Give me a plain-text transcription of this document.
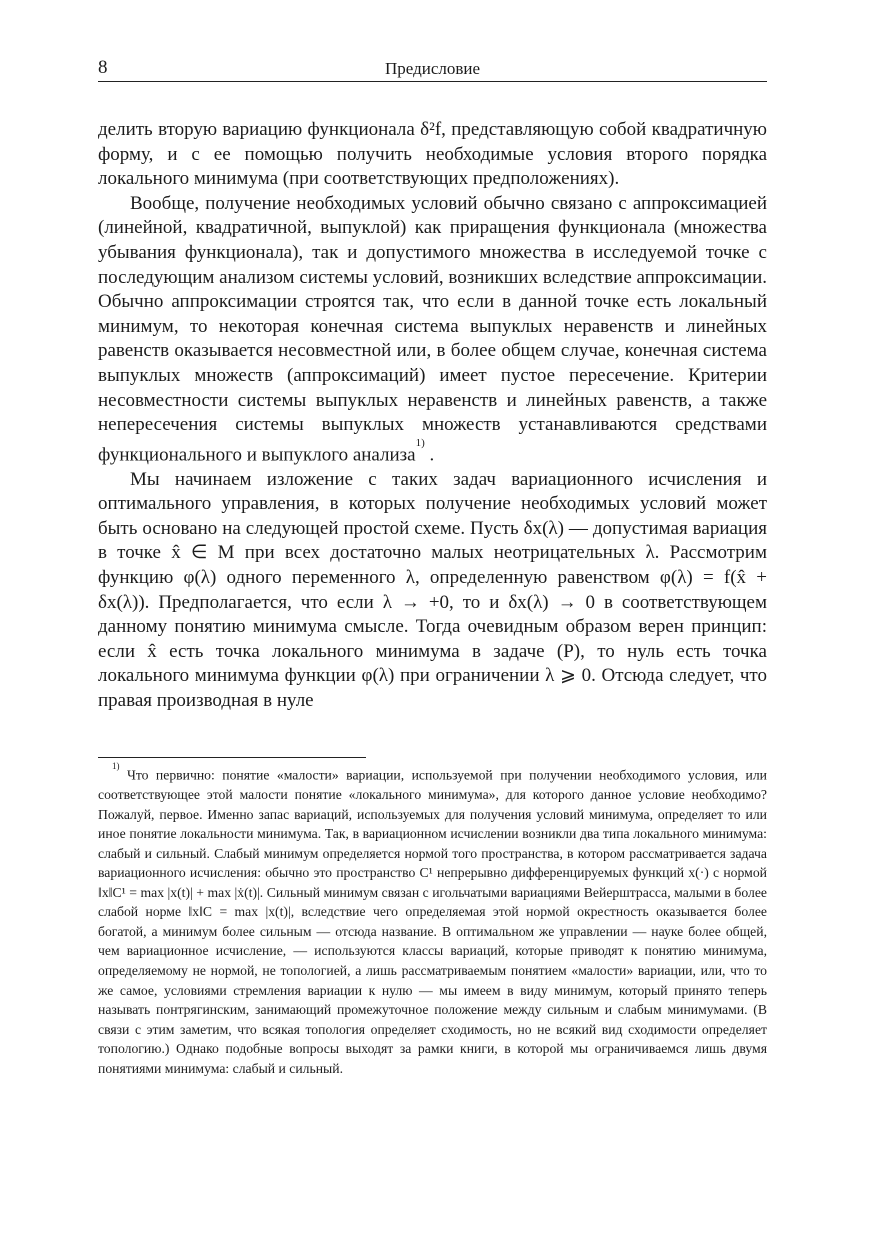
8	Предисловие

делить вторую вариацию функционала δ²f, представляющую собой квадратичную форму, и с ее помощью получить необходимые условия второго порядка локального минимума (при соответствующих предположениях).

Вообще, получение необходимых условий обычно связано с аппроксимацией (линейной, квадратичной, выпуклой) как приращения функционала (множества убывания функционала), так и допустимого множества в исследуемой точке с последующим анализом системы условий, возникших вследствие аппроксимации. Обычно аппроксимации строятся так, что если в данной точке есть локальный минимум, то некоторая конечная система выпуклых неравенств и линейных равенств оказывается несовместной или, в более общем случае, конечная система выпуклых множеств (аппроксимаций) имеет пустое пересечение. Критерии несовместности системы выпуклых неравенств и линейных равенств, а также непересечения системы выпуклых множеств устанавливаются средствами функционального и выпуклого анализа$^{1)}$ .

Мы начинаем изложение с таких задач вариационного исчисления и оптимального управления, в которых получение необходимых условий может быть основано на следующей простой схеме. Пусть δx(λ) — допустимая вариация в точке x̂ ∈ M при всех достаточно малых неотрицательных λ. Рассмотрим функцию φ(λ) одного переменного λ, определенную равенством φ(λ) = f(x̂ + δx(λ)). Предполагается, что если λ → +0, то и δx(λ) → 0 в соответствующем данному понятию минимума смысле. Тогда очевидным образом верен принцип: если x̂ есть точка локального минимума в задаче (P), то нуль есть точка локального минимума функции φ(λ) при ограничении λ ⩾ 0. Отсюда следует, что правая производная в нуле

$^{1)}$ Что первично: понятие «малости» вариации, используемой при получении необходимого условия, или соответствующее этой малости понятие «локального минимума», для которого данное условие необходимо? Пожалуй, первое. Именно запас вариаций, используемых для получения условий минимума, определяет то или иное понятие локальности минимума. Так, в вариационном исчислении возникли два типа локального минимума: слабый и сильный. Слабый минимум определяется нормой того пространства, в котором рассматривается задача вариационного исчисления: обычно это пространство C¹ непрерывно дифференцируемых функций x(·) с нормой ‖x‖C¹ = max |x(t)| + max |ẋ(t)|. Сильный минимум связан с игольчатыми вариациями Вейерштрасса, малыми в более слабой норме ‖x‖C = max |x(t)|, вследствие чего определяемая этой нормой окрестность оказывается более богатой, а минимум более сильным — отсюда название. В оптимальном же управлении — науке более общей, чем вариационное исчисление, — используются классы вариаций, которые приводят к понятию минимума, определяемому не нормой, не топологией, а лишь рассматриваемым понятием «малости» вариации, или, что то же самое, условиями стремления вариации к нулю — мы имеем в виду минимум, который принято теперь называть понтрягинским, занимающий промежуточное положение между сильным и слабым минимумами. (В связи с этим заметим, что всякая топология определяет сходимость, но не всякий вид сходимости определяет топологию.) Однако подобные вопросы выходят за рамки книги, в которой мы ограничиваемся лишь двумя понятиями минимума: слабый и сильный.
